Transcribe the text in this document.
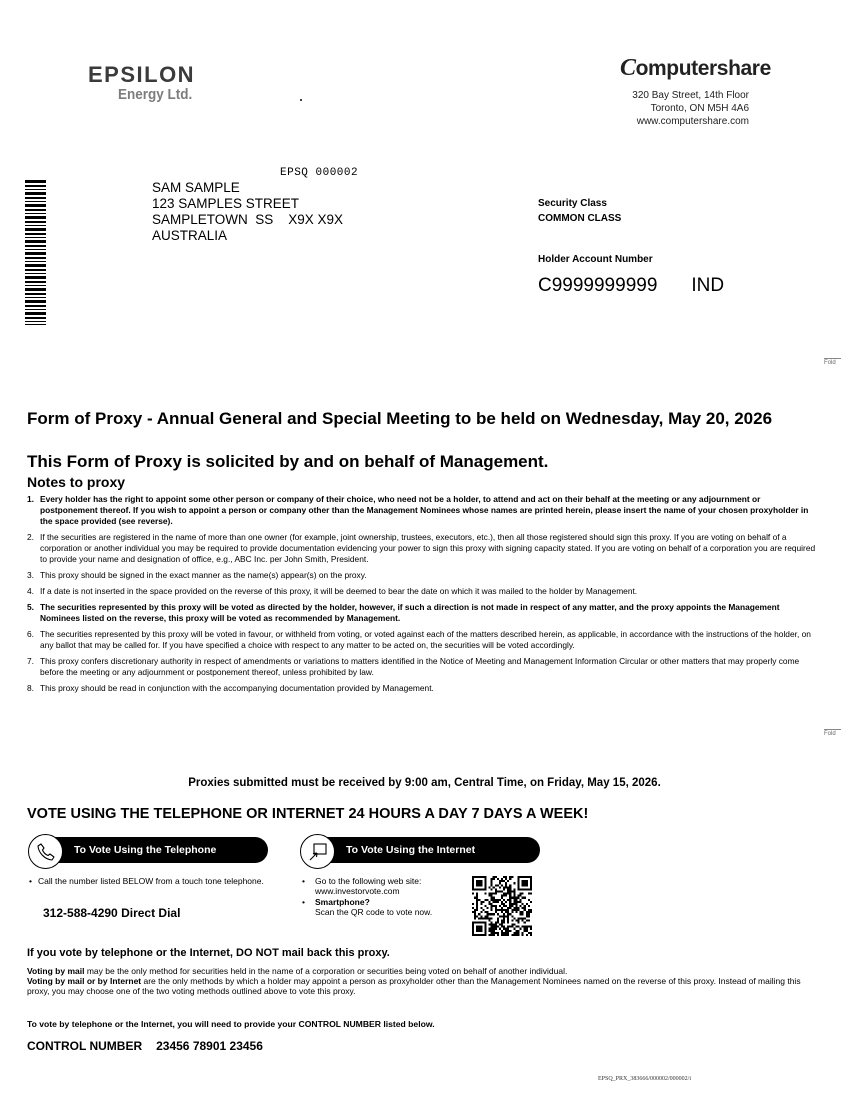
EPSILON
Energy Ltd.
Computershare
320 Bay Street, 14th Floor
Toronto, ON M5H 4A6
www.computershare.com
EPSQ 000002
SAM SAMPLE
123 SAMPLES STREET
SAMPLETOWN  SS    X9X X9X
AUSTRALIA
Security Class
COMMON CLASS
Holder Account Number
C9999999999 IND
Fold
Fold
Form of Proxy - Annual General and Special Meeting to be held on Wednesday, May 20, 2026
This Form of Proxy is solicited by and on behalf of Management.
Notes to proxy
1. Every holder has the right to appoint some other person or company of their choice, who need not be a holder, to attend and act on their behalf at the meeting or any adjournment or postponement thereof. If you wish to appoint a person or company other than the Management Nominees whose names are printed herein, please insert the name of your chosen proxyholder in the space provided (see reverse).
2. If the securities are registered in the name of more than one owner (for example, joint ownership, trustees, executors, etc.), then all those registered should sign this proxy. If you are voting on behalf of a corporation or another individual you may be required to provide documentation evidencing your power to sign this proxy with signing capacity stated. If you are voting on behalf of a corporation you are required to provide your name and designation of office, e.g., ABC Inc. per John Smith, President.
3. This proxy should be signed in the exact manner as the name(s) appear(s) on the proxy.
4. If a date is not inserted in the space provided on the reverse of this proxy, it will be deemed to bear the date on which it was mailed to the holder by Management.
5. The securities represented by this proxy will be voted as directed by the holder, however, if such a direction is not made in respect of any matter, and the proxy appoints the Management Nominees listed on the reverse, this proxy will be voted as recommended by Management.
6. The securities represented by this proxy will be voted in favour, or withheld from voting, or voted against each of the matters described herein, as applicable, in accordance with the instructions of the holder, on any ballot that may be called for. If you have specified a choice with respect to any matter to be acted on, the securities will be voted accordingly.
7. This proxy confers discretionary authority in respect of amendments or variations to matters identified in the Notice of Meeting and Management Information Circular or other matters that may properly come before the meeting or any adjournment or postponement thereof, unless prohibited by law.
8. This proxy should be read in conjunction with the accompanying documentation provided by Management.
Proxies submitted must be received by 9:00 am, Central Time, on Friday, May 15, 2026.
VOTE USING THE TELEPHONE OR INTERNET 24 HOURS A DAY 7 DAYS A WEEK!
To Vote Using the Telephone
• Call the number listed BELOW from a touch tone telephone.
312-588-4290 Direct Dial
To Vote Using the Internet
• Go to the following web site:
www.investorvote.com
• Smartphone?
Scan the QR code to vote now.
If you vote by telephone or the Internet, DO NOT mail back this proxy.
Voting by mail may be the only method for securities held in the name of a corporation or securities being voted on behalf of another individual.
Voting by mail or by Internet are the only methods by which a holder may appoint a person as proxyholder other than the Management Nominees named on the reverse of this proxy. Instead of mailing this proxy, you may choose one of the two voting methods outlined above to vote this proxy.
To vote by telephone or the Internet, you will need to provide your CONTROL NUMBER listed below.
CONTROL NUMBER 23456 78901 23456
EPSQ_PRX_383666/000002/000002/i
